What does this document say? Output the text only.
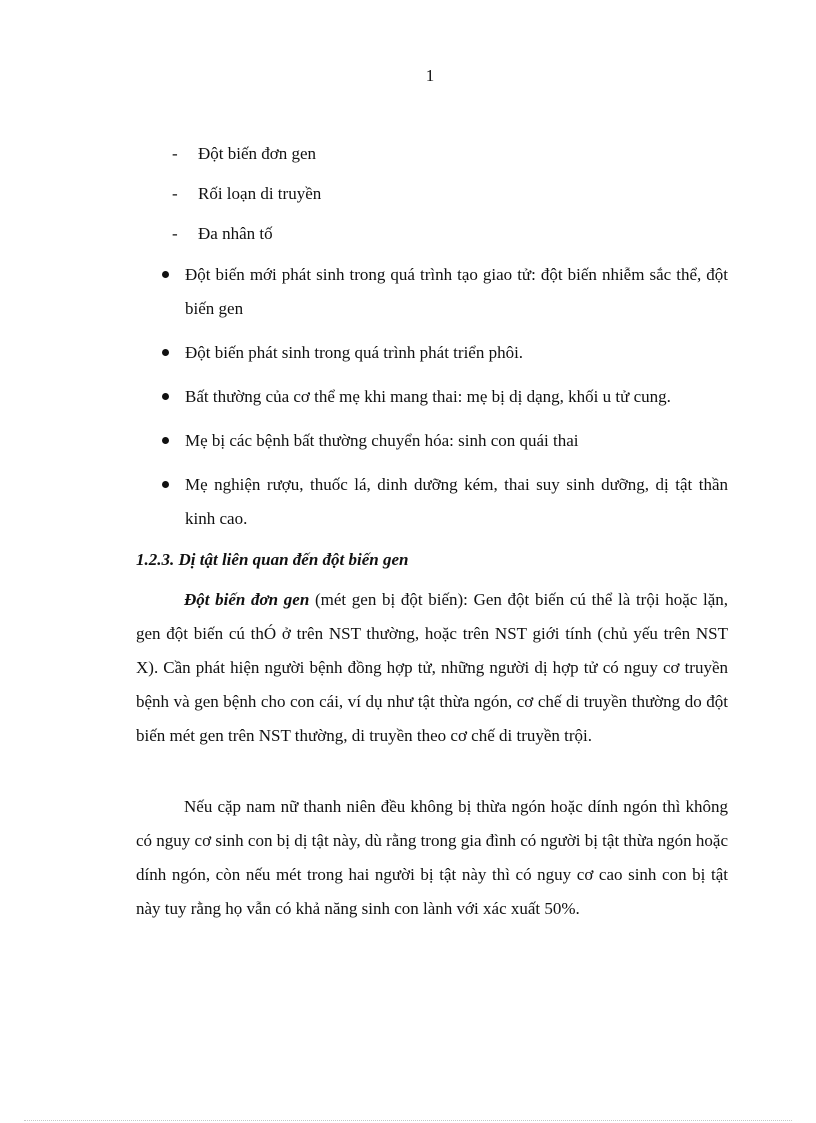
1
- Đột biến đơn gen
- Rối loạn di truyền
- Đa nhân tố
Đột biến mới phát sinh trong quá trình tạo giao tử: đột biến nhiễm sắc thể, đột biến gen
Đột biến phát sinh trong quá trình phát triển phôi.
Bất thường của cơ thể mẹ khi mang thai: mẹ bị dị dạng, khối u tử cung.
Mẹ bị các bệnh bất thường chuyển hóa: sinh con quái thai
Mẹ nghiện rượu, thuốc lá, dinh dưỡng kém, thai suy sinh dưỡng, dị tật thần kinh cao.
1.2.3. Dị tật liên quan đến đột biến gen

Đột biến đơn gen (mét gen bị đột biến): Gen đột biến cú thể là trội hoặc lặn, gen đột biến cú thÓ ở trên NST thường, hoặc trên NST giới tính (chủ yếu trên NST X). Cần phát hiện người bệnh đồng hợp tử, những người dị hợp tử có nguy cơ truyền bệnh và gen bệnh cho con cái, ví dụ như tật thừa ngón, cơ chế di truyền thường do đột biến mét gen trên NST thường, di truyền theo cơ chế di truyền trội.

Nếu cặp nam nữ thanh niên đều không bị thừa ngón hoặc dính ngón thì không có nguy cơ sinh con bị dị tật này, dù rằng trong gia đình có người bị tật thừa ngón hoặc dính ngón, còn nếu mét trong hai người bị tật này thì có nguy cơ cao sinh con bị tật này tuy rằng họ vẫn có khả năng sinh con lành với xác xuất 50%.
